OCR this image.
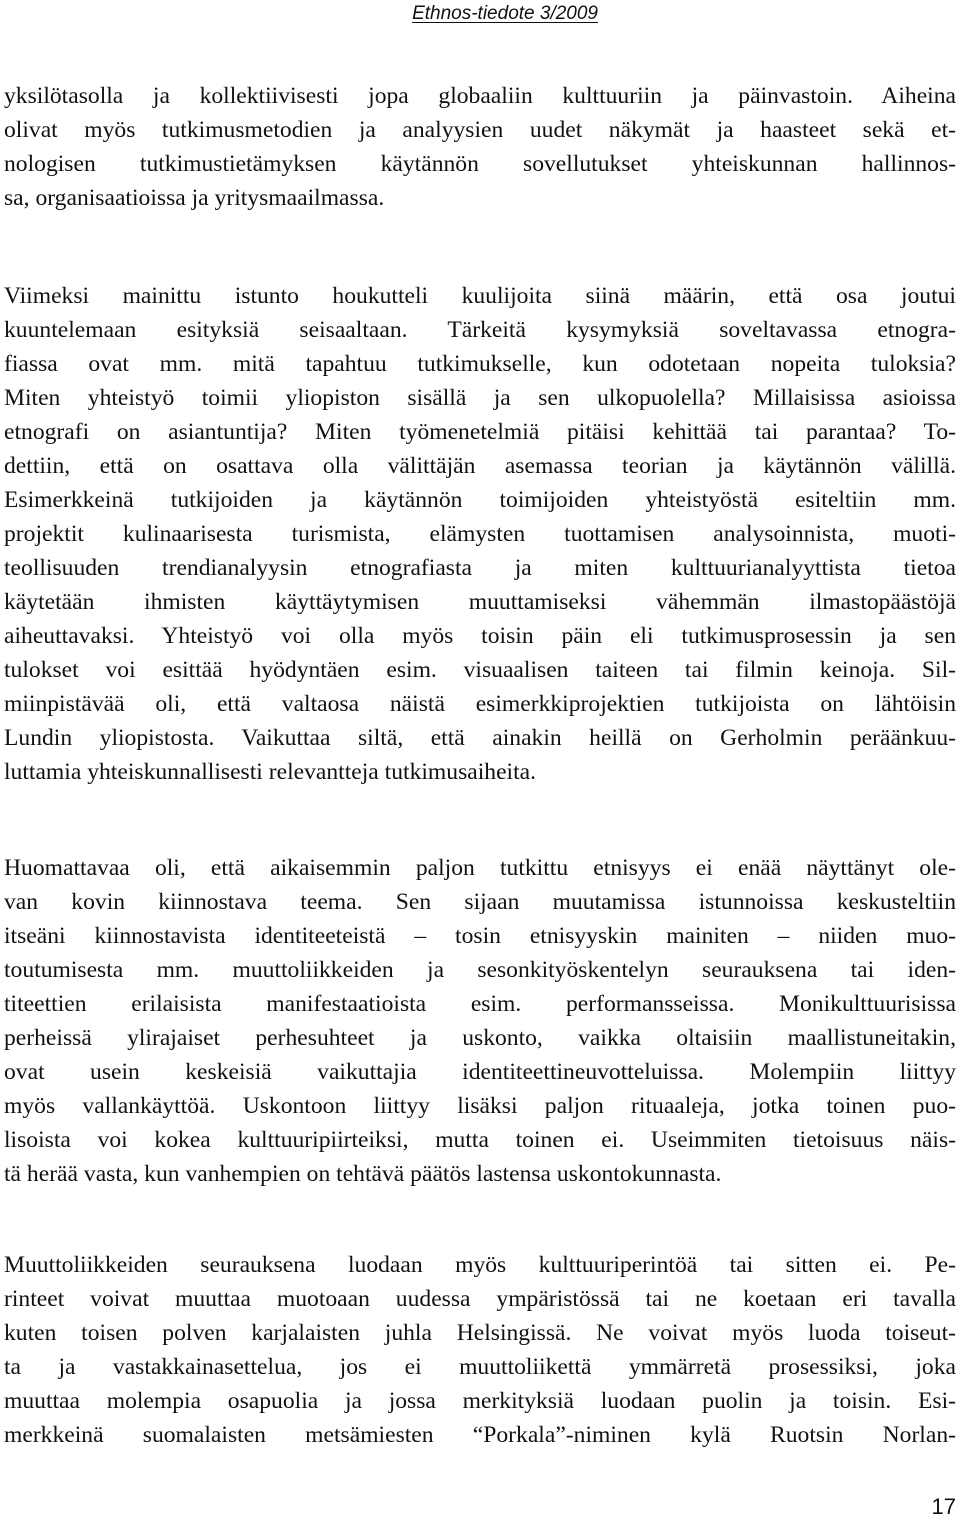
Ethnos-tiedote 3/2009

yksilötasolla ja kollektiivisesti jopa globaaliin kulttuuriin ja päinvastoin. Aiheina
olivat myös tutkimusmetodien ja analyysien uudet näkymät ja haasteet sekä et-
nologisen tutkimustietämyksen käytännön sovellutukset yhteiskunnan hallinnos-
sa, organisaatioissa ja yritysmaailmassa.

Viimeksi mainittu istunto houkutteli kuulijoita siinä määrin, että osa joutui
kuuntelemaan esityksiä seisaaltaan. Tärkeitä kysymyksiä soveltavassa etnogra-
fiassa ovat mm. mitä tapahtuu tutkimukselle, kun odotetaan nopeita tuloksia?
Miten yhteistyö toimii yliopiston sisällä ja sen ulkopuolella? Millaisissa asioissa
etnografi on asiantuntija? Miten työmenetelmiä pitäisi kehittää tai parantaa? To-
dettiin, että on osattava olla välittäjän asemassa teorian ja käytännön välillä.
Esimerkkeinä tutkijoiden ja käytännön toimijoiden yhteistyöstä esiteltiin mm.
projektit kulinaarisesta turismista, elämysten tuottamisen analysoinnista, muoti-
teollisuuden trendianalyysin etnografiasta ja miten kulttuurianalyyttista tietoa
käytetään ihmisten käyttäytymisen muuttamiseksi vähemmän ilmastopäästöjä
aiheuttavaksi. Yhteistyö voi olla myös toisin päin eli tutkimusprosessin ja sen
tulokset voi esittää hyödyntäen esim. visuaalisen taiteen tai filmin keinoja. Sil-
miinpistävää oli, että valtaosa näistä esimerkkiprojektien tutkijoista on lähtöisin
Lundin yliopistosta. Vaikuttaa siltä, että ainakin heillä on Gerholmin peräänkuu-
luttamia yhteiskunnallisesti relevantteja tutkimusaiheita.

Huomattavaa oli, että aikaisemmin paljon tutkittu etnisyys ei enää näyttänyt ole-
van kovin kiinnostava teema. Sen sijaan muutamissa istunnoissa keskusteltiin
itseäni kiinnostavista identiteeteistä – tosin etnisyyskin mainiten – niiden muo-
toutumisesta mm. muuttoliikkeiden ja sesonkityöskentelyn seurauksena tai iden-
titeettien erilaisista manifestaatioista esim. performansseissa. Monikulttuurisissa
perheissä ylirajaiset perhesuhteet ja uskonto, vaikka oltaisiin maallistuneitakin,
ovat usein keskeisiä vaikuttajia identiteettineuvotteluissa. Molempiin liittyy
myös vallankäyttöä. Uskontoon liittyy lisäksi paljon rituaaleja, jotka toinen puo-
lisoista voi kokea kulttuuripiirteiksi, mutta toinen ei. Useimmiten tietoisuus näis-
tä herää vasta, kun vanhempien on tehtävä päätös lastensa uskontokunnasta.

Muuttoliikkeiden seurauksena luodaan myös kulttuuriperintöä tai sitten ei. Pe-
rinteet voivat muuttaa muotoaan uudessa ympäristössä tai ne koetaan eri tavalla
kuten toisen polven karjalaisten juhla Helsingissä. Ne voivat myös luoda toiseut-
ta ja vastakkainasettelua, jos ei muuttoliikettä ymmärretä prosessiksi, joka
muuttaa molempia osapuolia ja jossa merkityksiä luodaan puolin ja toisin. Esi-
merkkeinä suomalaisten metsämiesten “Porkala”-niminen kylä Ruotsin Norlan-

17
